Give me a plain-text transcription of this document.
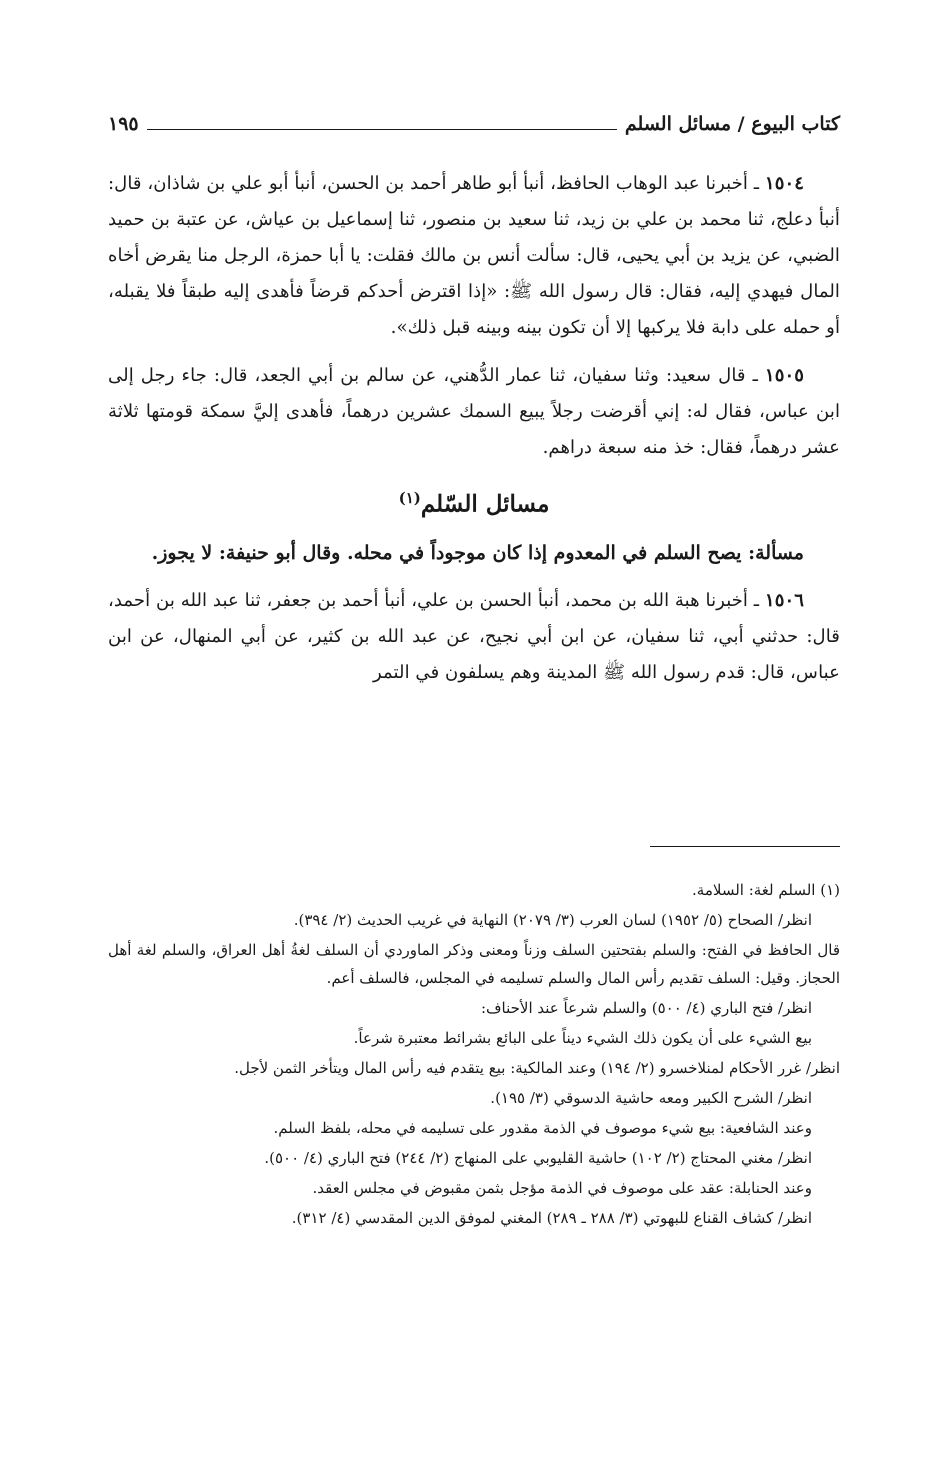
كتاب البيوع / مسائل السلم
١٩٥

١٥٠٤ ـ أخبرنا عبد الوهاب الحافظ، أنبأ أبو طاهر أحمد بن الحسن، أنبأ أبو علي بن شاذان، قال: أنبأ دعلج، ثنا محمد بن علي بن زيد، ثنا سعيد بن منصور، ثنا إسماعيل بن عياش، عن عتبة بن حميد الضبي، عن يزيد بن أبي يحيى، قال: سألت أنس بن مالك فقلت: يا أبا حمزة، الرجل منا يقرض أخاه المال فيهدي إليه، فقال: قال رسول الله ﷺ: «إذا اقترض أحدكم قرضاً فأهدى إليه طبقاً فلا يقبله، أو حمله على دابة فلا يركبها إلا أن تكون بينه وبينه قبل ذلك».

١٥٠٥ ـ قال سعيد: وثنا سفيان، ثنا عمار الدُّهني، عن سالم بن أبي الجعد، قال: جاء رجل إلى ابن عباس، فقال له: إني أقرضت رجلاً يبيع السمك عشرين درهماً، فأهدى إليَّ سمكة قومتها ثلاثة عشر درهماً، فقال: خذ منه سبعة دراهم.

مسائل السّلم$^{(١)}$

مسألة: يصح السلم في المعدوم إذا كان موجوداً في محله. وقال أبو حنيفة: لا يجوز.

١٥٠٦ ـ أخبرنا هبة الله بن محمد، أنبأ الحسن بن علي، أنبأ أحمد بن جعفر، ثنا عبد الله بن أحمد، قال: حدثني أبي، ثنا سفيان، عن ابن أبي نجيح، عن عبد الله بن كثير، عن أبي المنهال، عن ابن عباس، قال: قدم رسول الله ﷺ المدينة وهم يسلفون في التمر

(١) السلم لغة: السلامة.
انظر/ الصحاح (٥/ ١٩٥٢) لسان العرب (٣/ ٢٠٧٩) النهاية في غريب الحديث (٢/ ٣٩٤).
قال الحافظ في الفتح: والسلم بفتحتين السلف وزناً ومعنى وذكر الماوردي أن السلف لغةُ أهل العراق، والسلم لغة أهل الحجاز. وقيل: السلف تقديم رأس المال والسلم تسليمه في المجلس، فالسلف أعم.
انظر/ فتح الباري (٤/ ٥٠٠) والسلم شرعاً عند الأحناف:
بيع الشيء على أن يكون ذلك الشيء ديناً على البائع بشرائط معتبرة شرعاً.
انظر/ غرر الأحكام لمنلاخسرو (٢/ ١٩٤) وعند المالكية: بيع يتقدم فيه رأس المال ويتأخر الثمن لأجل.
انظر/ الشرح الكبير ومعه حاشية الدسوقي (٣/ ١٩٥).
وعند الشافعية: بيع شيء موصوف في الذمة مقدور على تسليمه في محله، بلفظ السلم.
انظر/ مغني المحتاج (٢/ ١٠٢) حاشية القليوبي على المنهاج (٢/ ٢٤٤) فتح الباري (٤/ ٥٠٠).
وعند الحنابلة: عقد على موصوف في الذمة مؤجل بثمن مقبوض في مجلس العقد.
انظر/ كشاف القناع للبهوتي (٣/ ٢٨٨ ـ ٢٨٩) المغني لموفق الدين المقدسي (٤/ ٣١٢).
